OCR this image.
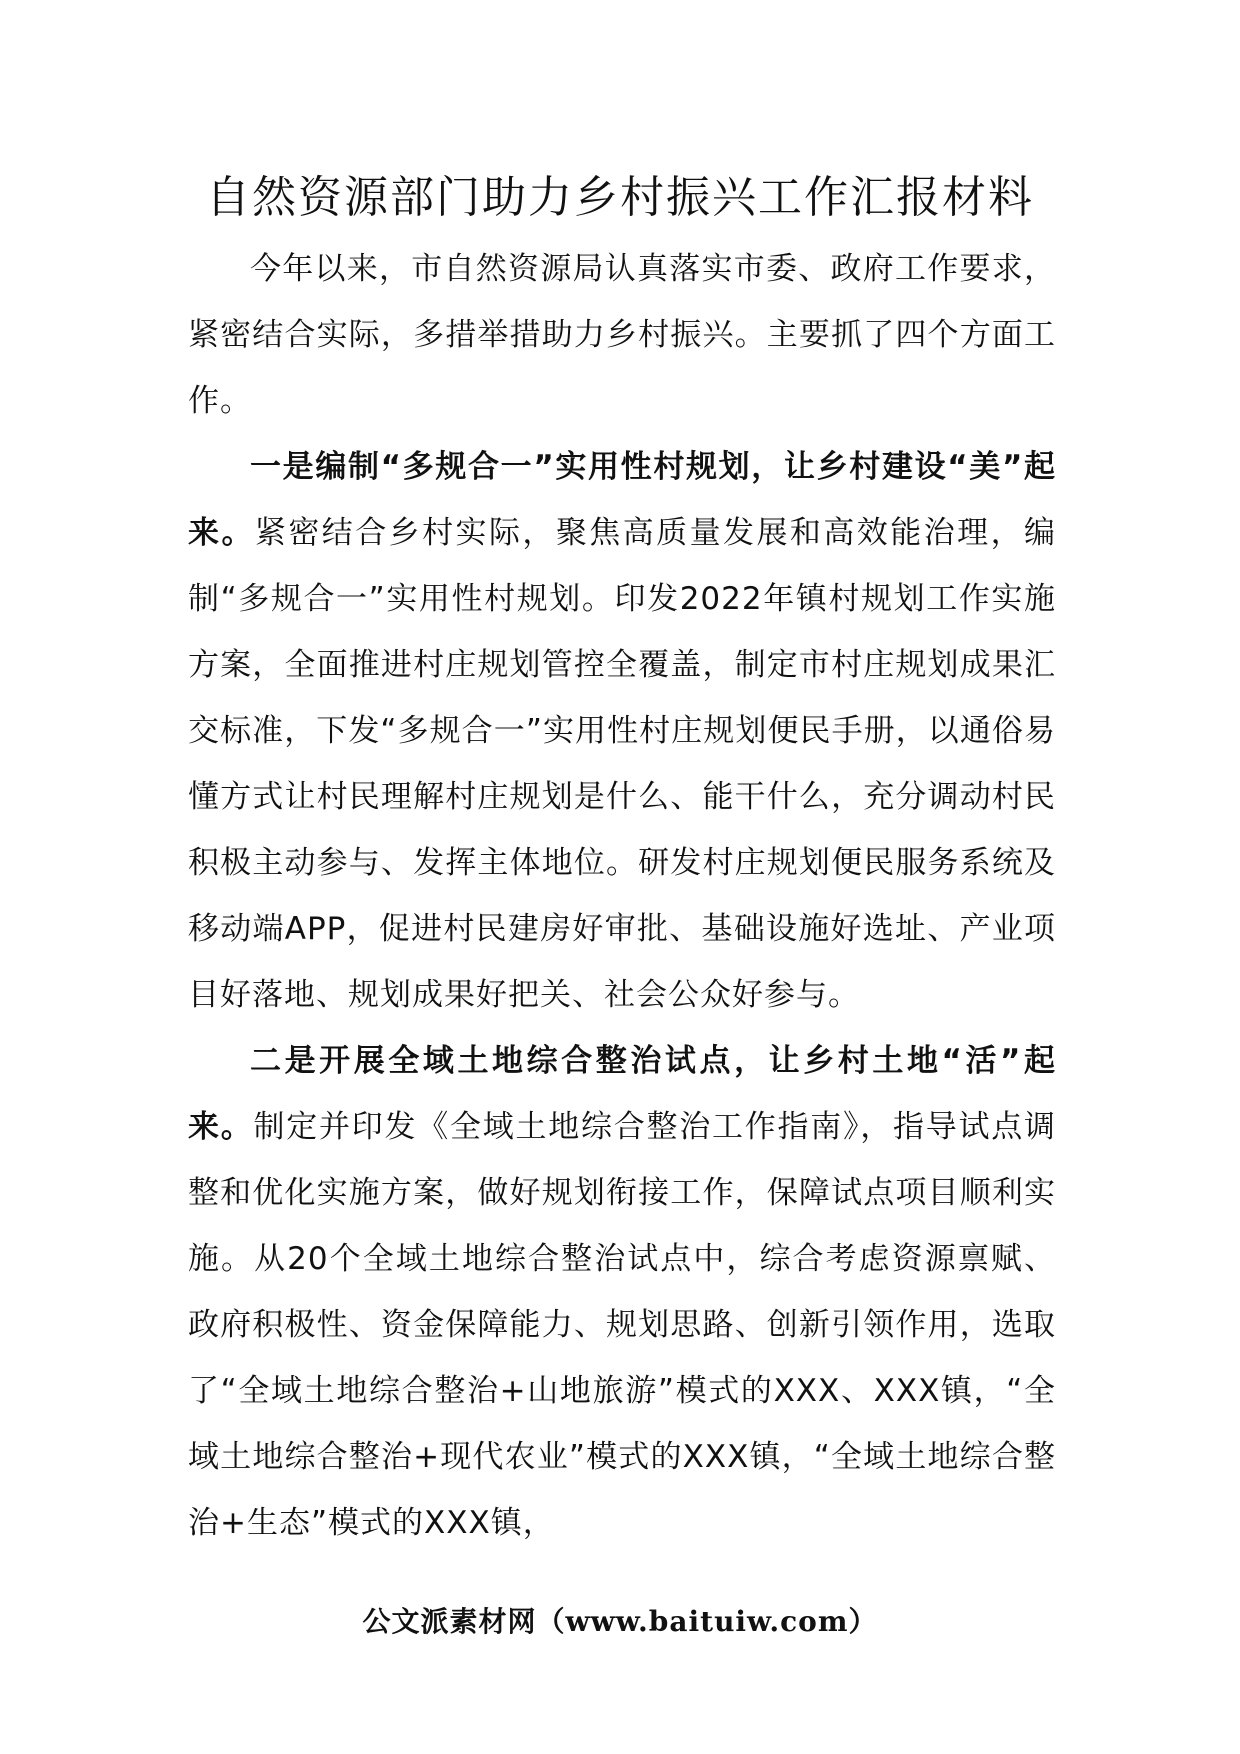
自然资源部门助力乡村振兴工作汇报材料

今年以来，市自然资源局认真落实市委、政府工作要求，紧密结合实际，多措举措助力乡村振兴。主要抓了四个方面工作。

一是编制“多规合一”实用性村规划，让乡村建设“美”起来。紧密结合乡村实际，聚焦高质量发展和高效能治理，编制“多规合一”实用性村规划。印发2022年镇村规划工作实施方案，全面推进村庄规划管控全覆盖，制定市村庄规划成果汇交标准，下发“多规合一”实用性村庄规划便民手册，以通俗易懂方式让村民理解村庄规划是什么、能干什么，充分调动村民积极主动参与、发挥主体地位。研发村庄规划便民服务系统及移动端APP，促进村民建房好审批、基础设施好选址、产业项目好落地、规划成果好把关、社会公众好参与。

二是开展全域土地综合整治试点，让乡村土地“活”起来。制定并印发《全域土地综合整治工作指南》，指导试点调整和优化实施方案，做好规划衔接工作，保障试点项目顺利实施。从20个全域土地综合整治试点中，综合考虑资源禀赋、政府积极性、资金保障能力、规划思路、创新引领作用，选取了“全域土地综合整治+山地旅游”模式的XXX、XXX镇，“全域土地综合整治+现代农业”模式的XXX镇，“全域土地综合整治+生态”模式的XXX镇，

公文派素材网（www.baituiw.com）
